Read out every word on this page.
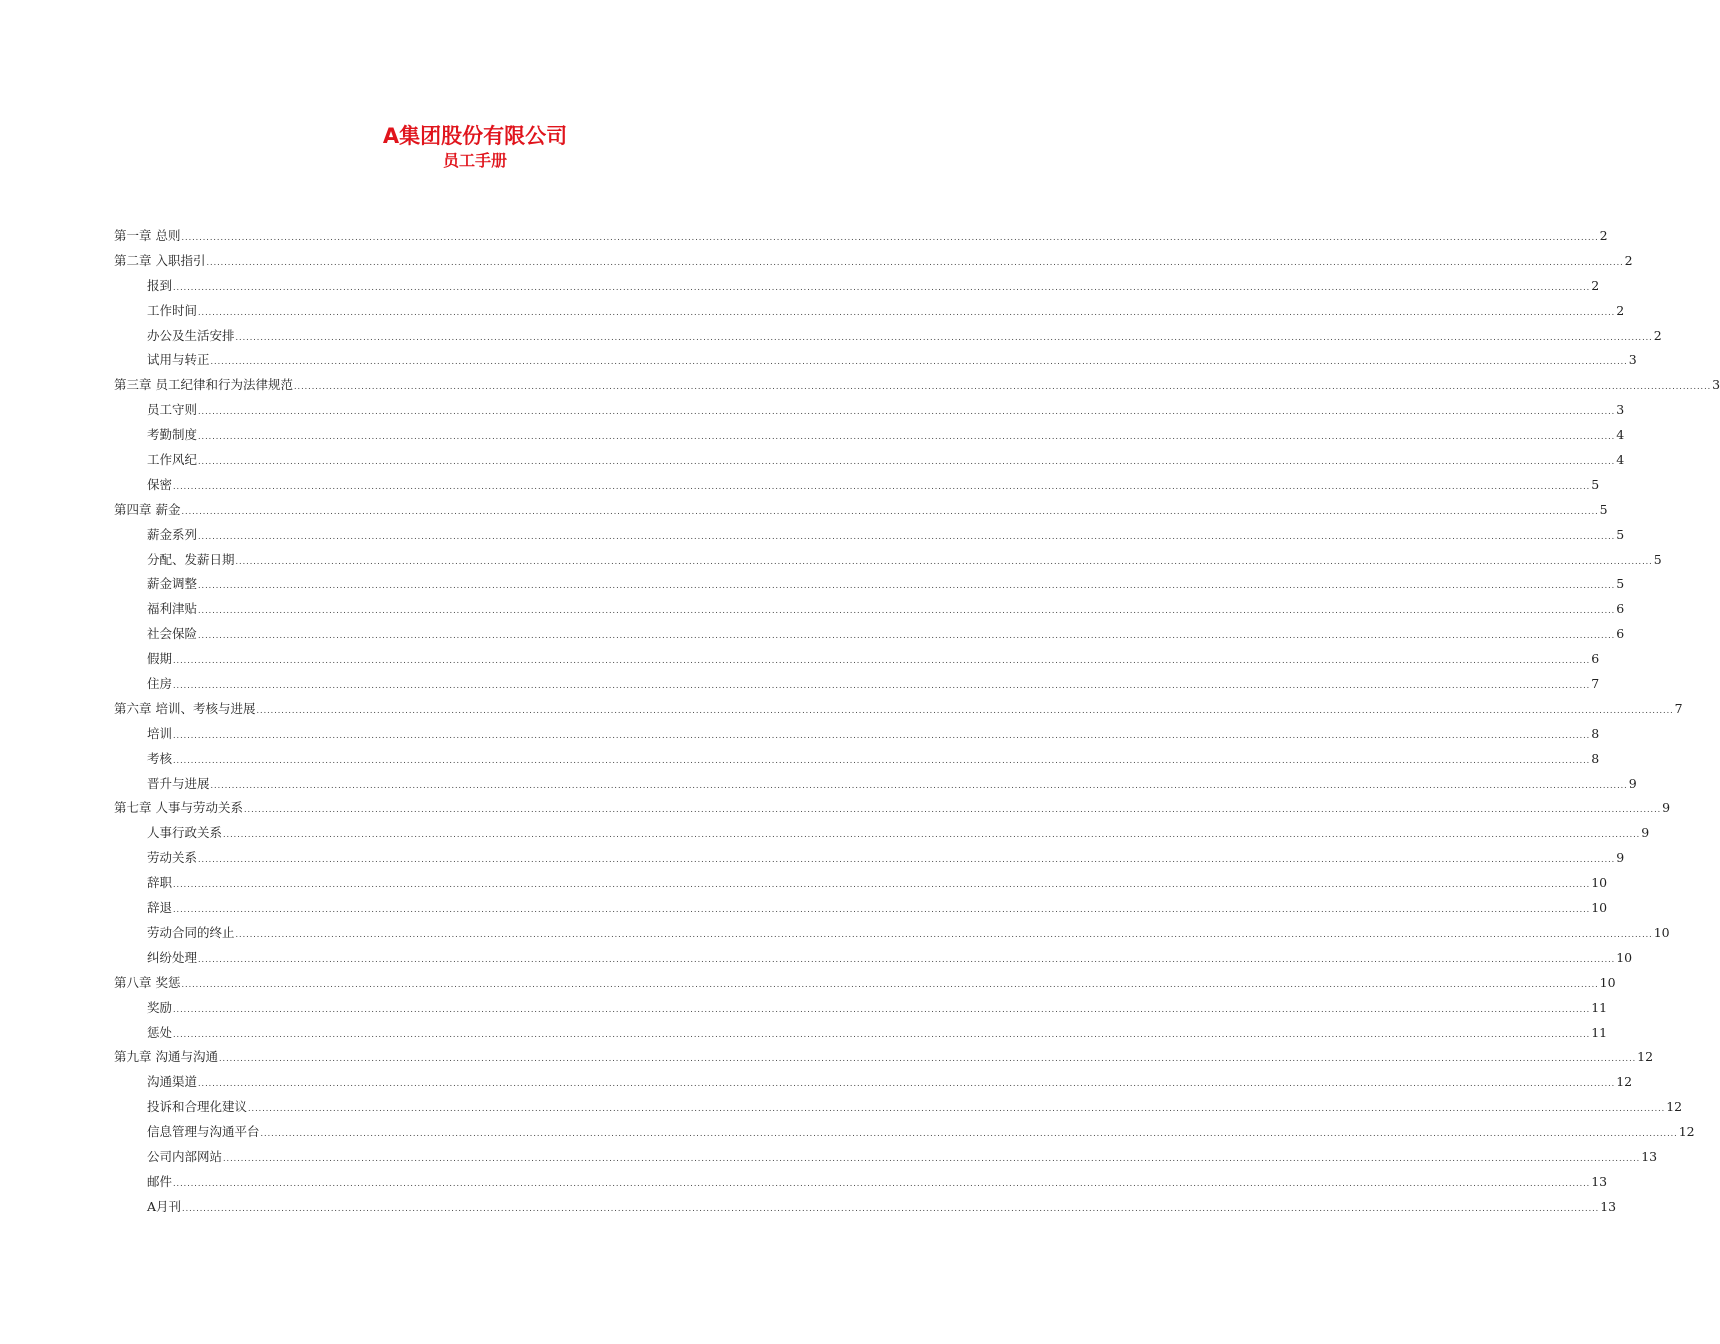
A集团股份有限公司
员工手册
第一章 总则 ................................................................................................................................................................................................................................................................................................................................................................................................................ 2
第二章 入职指引 ................................................................................................................................................................................................................................................................................................................................................................................................................ 2
报到 ................................................................................................................................................................................................................................................................................................................................................................................................................ 2
工作时间 ................................................................................................................................................................................................................................................................................................................................................................................................................ 2
办公及生活安排 ................................................................................................................................................................................................................................................................................................................................................................................................................ 2
试用与转正 ................................................................................................................................................................................................................................................................................................................................................................................................................ 3
第三章 员工纪律和行为法律规范 ................................................................................................................................................................................................................................................................................................................................................................................................................ 3
员工守则 ................................................................................................................................................................................................................................................................................................................................................................................................................ 3
考勤制度 ................................................................................................................................................................................................................................................................................................................................................................................................................ 4
工作风纪 ................................................................................................................................................................................................................................................................................................................................................................................................................ 4
保密 ................................................................................................................................................................................................................................................................................................................................................................................................................ 5
第四章 薪金 ................................................................................................................................................................................................................................................................................................................................................................................................................ 5
薪金系列 ................................................................................................................................................................................................................................................................................................................................................................................................................ 5
分配、发薪日期 ................................................................................................................................................................................................................................................................................................................................................................................................................ 5
薪金调整 ................................................................................................................................................................................................................................................................................................................................................................................................................ 5
福利津贴 ................................................................................................................................................................................................................................................................................................................................................................................................................ 6
社会保险 ................................................................................................................................................................................................................................................................................................................................................................................................................ 6
假期 ................................................................................................................................................................................................................................................................................................................................................................................................................ 6
住房 ................................................................................................................................................................................................................................................................................................................................................................................................................ 7
第六章 培训、考核与进展 ................................................................................................................................................................................................................................................................................................................................................................................................................ 7
培训 ................................................................................................................................................................................................................................................................................................................................................................................................................ 8
考核 ................................................................................................................................................................................................................................................................................................................................................................................................................ 8
晋升与进展 ................................................................................................................................................................................................................................................................................................................................................................................................................ 9
第七章 人事与劳动关系 ................................................................................................................................................................................................................................................................................................................................................................................................................ 9
人事行政关系 ................................................................................................................................................................................................................................................................................................................................................................................................................ 9
劳动关系 ................................................................................................................................................................................................................................................................................................................................................................................................................ 9
辞职 ................................................................................................................................................................................................................................................................................................................................................................................................................ 10
辞退 ................................................................................................................................................................................................................................................................................................................................................................................................................ 10
劳动合同的终止 ................................................................................................................................................................................................................................................................................................................................................................................................................ 10
纠纷处理 ................................................................................................................................................................................................................................................................................................................................................................................................................ 10
第八章 奖惩 ................................................................................................................................................................................................................................................................................................................................................................................................................ 10
奖励 ................................................................................................................................................................................................................................................................................................................................................................................................................ 11
惩处 ................................................................................................................................................................................................................................................................................................................................................................................................................ 11
第九章 沟通与沟通 ................................................................................................................................................................................................................................................................................................................................................................................................................ 12
沟通渠道 ................................................................................................................................................................................................................................................................................................................................................................................................................ 12
投诉和合理化建议 ................................................................................................................................................................................................................................................................................................................................................................................................................ 12
信息管理与沟通平台 ................................................................................................................................................................................................................................................................................................................................................................................................................ 12
公司内部网站 ................................................................................................................................................................................................................................................................................................................................................................................................................ 13
邮件 ................................................................................................................................................................................................................................................................................................................................................................................................................ 13
A月刊 ................................................................................................................................................................................................................................................................................................................................................................................................................ 13
